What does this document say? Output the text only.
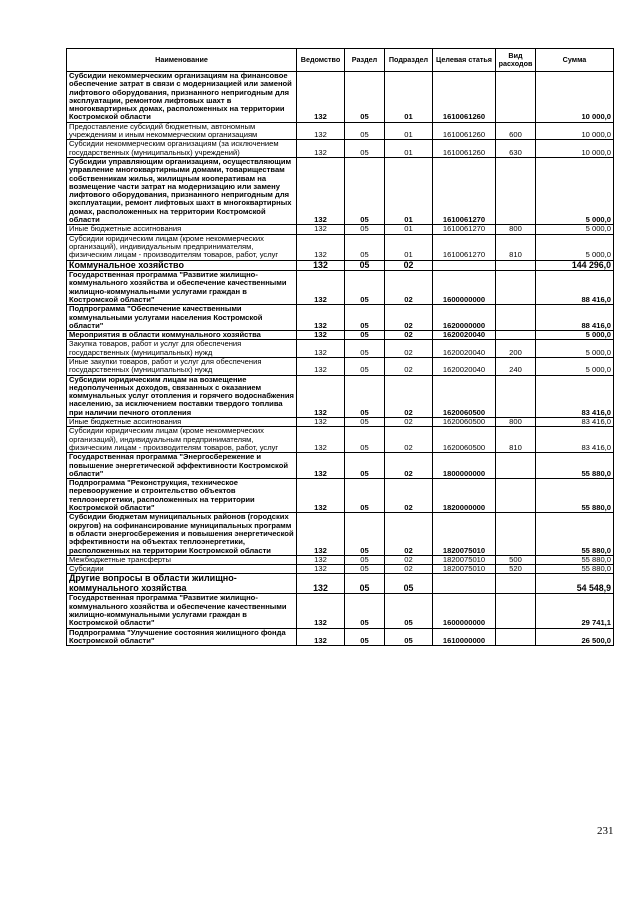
Наименование	Ведомство	Раздел	Подраздел	Целевая статья	Вид расходов	Сумма
Субсидии некоммерческим организациям на финансовое обеспечение затрат в связи с модернизацией или заменой лифтового оборудования, признанного непригодным для эксплуатации, ремонтом лифтовых шахт в многоквартирных домах, расположенных на территории Костромской области	132	05	01	1610061260		10 000,0
Предоставление субсидий бюджетным, автономным учреждениям и иным некоммерческим организациям	132	05	01	1610061260	600	10 000,0
Субсидии некоммерческим организациям (за исключением государственных (муниципальных) учреждений)	132	05	01	1610061260	630	10 000,0
Субсидии управляющим организациям, осуществляющим управление многоквартирными домами, товариществам собственникам жилья, жилищным кооперативам на возмещение части затрат на модернизацию или замену лифтового оборудования, признанного непригодным для эксплуатации, ремонт лифтовых шахт в многоквартирных домах, расположенных на территории Костромской области	132	05	01	1610061270		5 000,0
Иные бюджетные ассигнования	132	05	01	1610061270	800	5 000,0
Субсидии юридическим лицам (кроме некоммерческих организаций), индивидуальным предпринимателям, физическим лицам - производителям товаров, работ, услуг	132	05	01	1610061270	810	5 000,0
Коммунальное хозяйство	132	05	02			144 296,0
Государственная программа "Развитие жилищно-коммунального хозяйства и обеспечение качественными жилищно-коммунальными услугами граждан в Костромской области"	132	05	02	1600000000		88 416,0
Подпрограмма "Обеспечение качественными коммунальными услугами населения Костромской области"	132	05	02	1620000000		88 416,0
Мероприятия в области коммунального хозяйства	132	05	02	1620020040		5 000,0
Закупка товаров, работ и услуг для обеспечения государственных (муниципальных) нужд	132	05	02	1620020040	200	5 000,0
Иные закупки товаров, работ и услуг для обеспечения государственных (муниципальных) нужд	132	05	02	1620020040	240	5 000,0
Субсидии юридическим лицам на возмещение недополученных доходов, связанных с оказанием коммунальных услуг отопления и горячего водоснабжения населению, за исключением поставки твердого топлива при наличии печного отопления	132	05	02	1620060500		83 416,0
Иные бюджетные ассигнования	132	05	02	1620060500	800	83 416,0
Субсидии юридическим лицам (кроме некоммерческих организаций), индивидуальным предпринимателям, физическим лицам - производителям товаров, работ, услуг	132	05	02	1620060500	810	83 416,0
Государственная программа "Энергосбережение и повышение энергетической эффективности Костромской области"	132	05	02	1800000000		55 880,0
Подпрограмма "Реконструкция, техническое перевооружение и строительство объектов теплоэнергетики, расположенных на территории Костромской области"	132	05	02	1820000000		55 880,0
Субсидии бюджетам муниципальных районов (городских округов) на софинансирование муниципальных программ в области энергосбережения и повышения энергетической эффективности на объектах теплоэнергетики, расположенных на территории Костромской области	132	05	02	1820075010		55 880,0
Межбюджетные трансферты	132	05	02	1820075010	500	55 880,0
Субсидии	132	05	02	1820075010	520	55 880,0
Другие вопросы в области жилищно-коммунального хозяйства	132	05	05			54 548,9
Государственная программа "Развитие жилищно-коммунального хозяйства и обеспечение качественными жилищно-коммунальными услугами граждан в Костромской области"	132	05	05	1600000000		29 741,1
Подпрограмма "Улучшение состояния жилищного фонда Костромской области"	132	05	05	1610000000		26 500,0
231
